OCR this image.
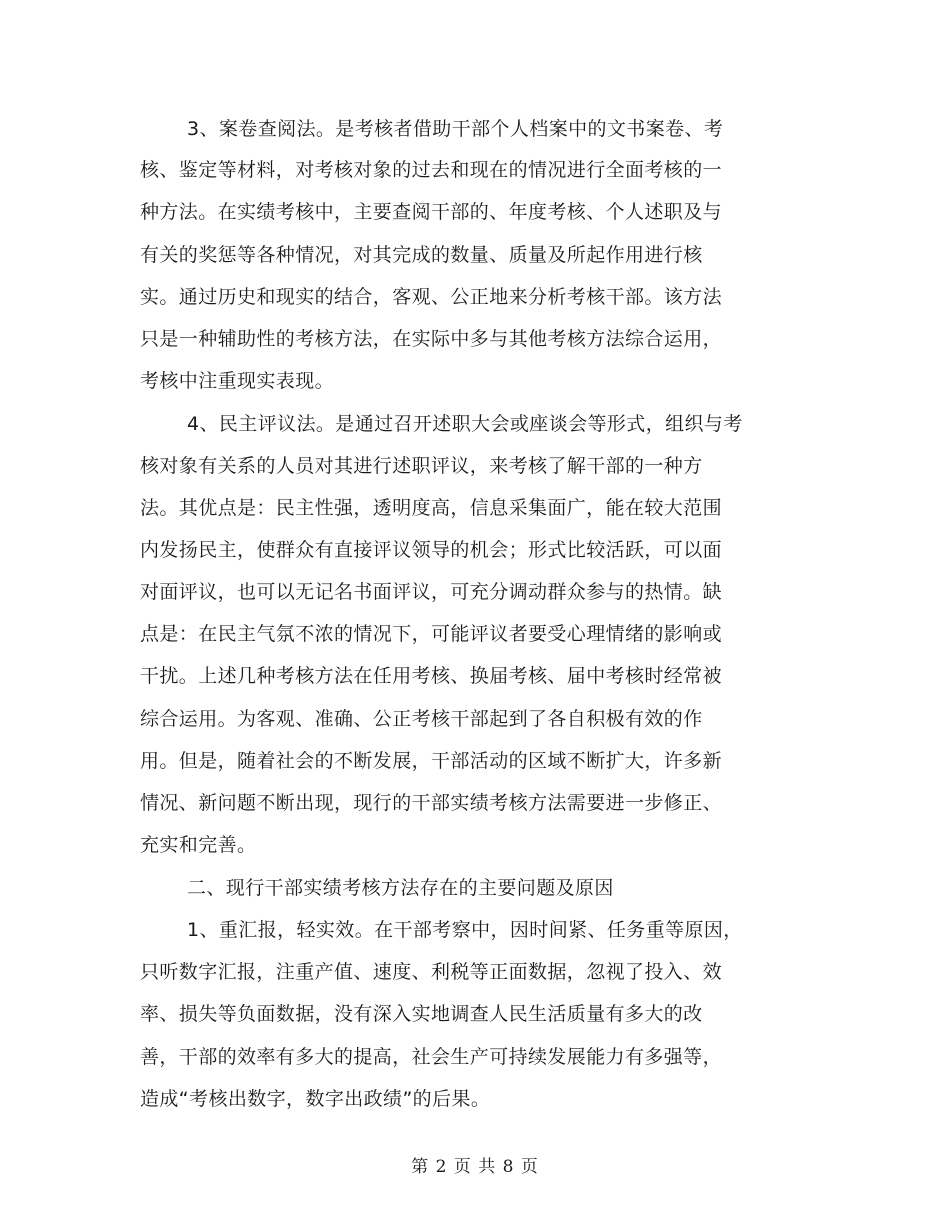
3、案卷查阅法。是考核者借助干部个人档案中的文书案卷、考
核、鉴定等材料，对考核对象的过去和现在的情况进行全面考核的一
种方法。在实绩考核中，主要查阅干部的、年度考核、个人述职及与
有关的奖惩等各种情况，对其完成的数量、质量及所起作用进行核
实。通过历史和现实的结合，客观、公正地来分析考核干部。该方法
只是一种辅助性的考核方法，在实际中多与其他考核方法综合运用，
考核中注重现实表现。
4、民主评议法。是通过召开述职大会或座谈会等形式，组织与考
核对象有关系的人员对其进行述职评议，来考核了解干部的一种方
法。其优点是：民主性强，透明度高，信息采集面广，能在较大范围
内发扬民主，使群众有直接评议领导的机会；形式比较活跃，可以面
对面评议，也可以无记名书面评议，可充分调动群众参与的热情。缺
点是：在民主气氛不浓的情况下，可能评议者要受心理情绪的影响或
干扰。上述几种考核方法在任用考核、换届考核、届中考核时经常被
综合运用。为客观、准确、公正考核干部起到了各自积极有效的作
用。但是，随着社会的不断发展，干部活动的区域不断扩大，许多新
情况、新问题不断出现，现行的干部实绩考核方法需要进一步修正、
充实和完善。
二、现行干部实绩考核方法存在的主要问题及原因
1、重汇报，轻实效。在干部考察中，因时间紧、任务重等原因，
只听数字汇报，注重产值、速度、利税等正面数据，忽视了投入、效
率、损失等负面数据，没有深入实地调查人民生活质量有多大的改
善，干部的效率有多大的提高，社会生产可持续发展能力有多强等，
造成“考核出数字，数字出政绩”的后果。
第 2 页 共 8 页
